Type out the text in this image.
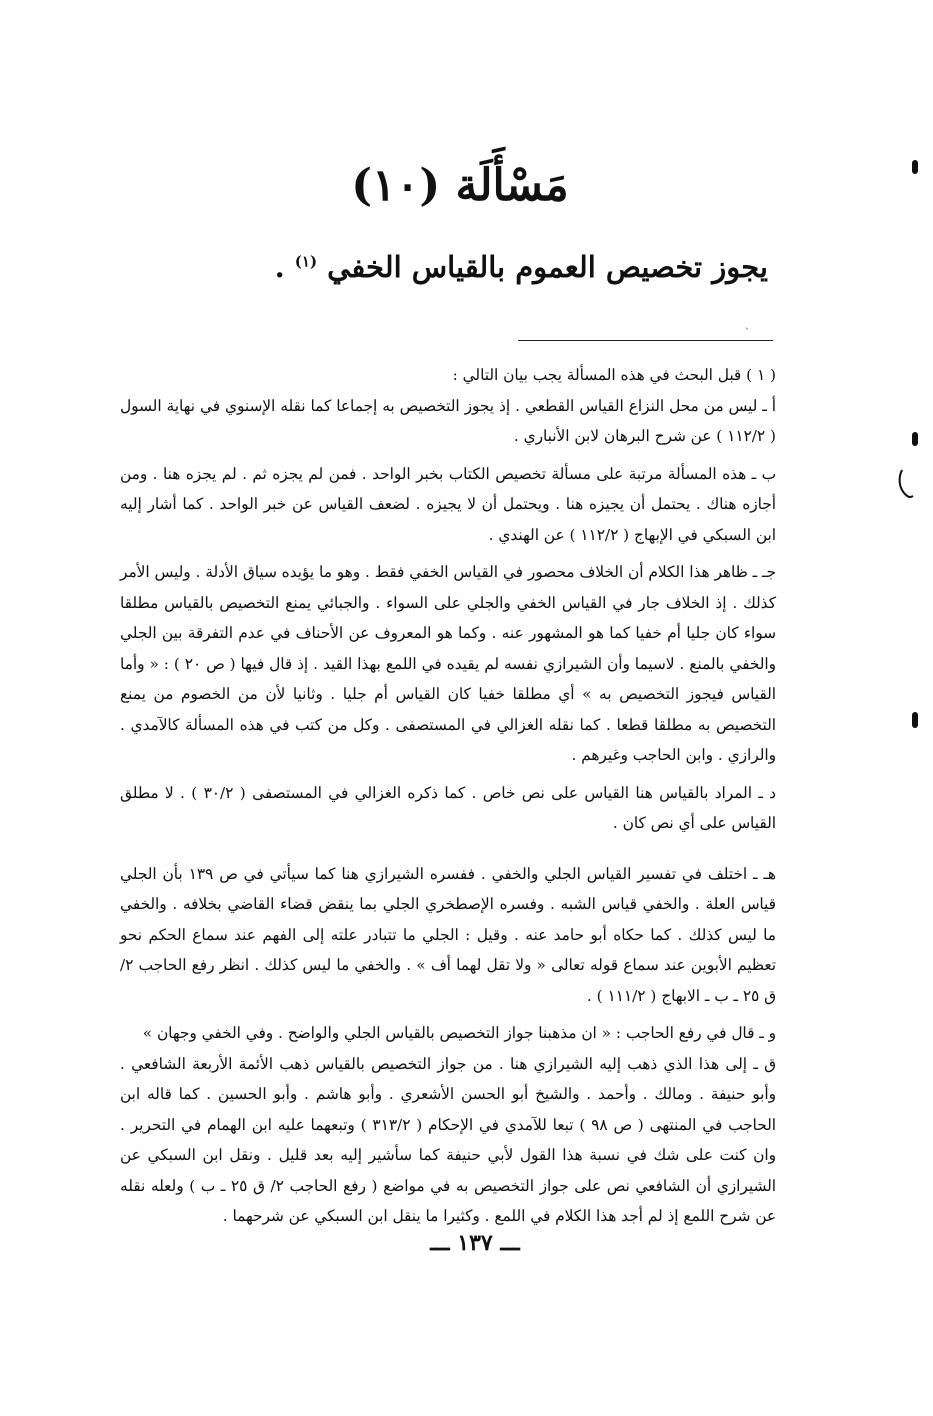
مَسْأَلَة (١٠)
يجوز تخصيص العموم بالقياس الخفي $^{(١)}$ .
ˏ

( ١ ) قبل البحث في هذه المسألة يجب بيان التالي :

أ ـ ليس من محل النزاع القياس القطعي . إذ يجوز التخصيص به إجماعا كما نقله الإسنوي في نهاية السول ( ١١٢/٢ ) عن شرح البرهان لابن الأنباري .

ب ـ هذه المسألة مرتبة على مسألة تخصيص الكتاب بخبر الواحد . فمن لم يجزه ثم . لم يجزه هنا . ومن أجازه هناك . يحتمل أن يجيزه هنا . ويحتمل أن لا يجيزه . لضعف القياس عن خبر الواحد . كما أشار إليه ابن السبكي في الإبهاج ( ١١٢/٢ ) عن الهندي .

جـ ـ ظاهر هذا الكلام أن الخلاف محصور في القياس الخفي فقط . وهو ما يؤيده سياق الأدلة . وليس الأمر كذلك . إذ الخلاف جار في القياس الخفي والجلي على السواء . والجبائي يمنع التخصيص بالقياس مطلقا سواء كان جليا أم خفيا كما هو المشهور عنه . وكما هو المعروف عن الأحناف في عدم التفرقة بين الجلي والخفي بالمنع . لاسيما وأن الشيرازي نفسه لم يقيده في اللمع بهذا القيد . إذ قال فيها ( ص ٢٠ ) : « وأما القياس فيجوز التخصيص به » أي مطلقا خفيا كان القياس أم جليا . وثانيا لأن من الخصوم من يمنع التخصيص به مطلقا قطعا . كما نقله الغزالي في المستصفى . وكل من كتب في هذه المسألة كالآمدي . والرازي . وابن الحاجب وغيرهم .

د ـ المراد بالقياس هنا القياس على نص خاص . كما ذكره الغزالي في المستصفى ( ٣٠/٢ ) . لا مطلق القياس على أي نص كان .

هـ ـ اختلف في تفسير القياس الجلي والخفي . ففسره الشيرازي هنا كما سيأتي في ص ١٣٩ بأن الجلي قياس العلة . والخفي قياس الشبه . وفسره الإصطخري الجلي بما ينقض قضاء القاضي بخلافه . والخفي ما ليس كذلك . كما حكاه أبو حامد عنه . وقيل : الجلي ما تتبادر علته إلى الفهم عند سماع الحكم نحو تعظيم الأبوين عند سماع قوله تعالى « ولا تقل لهما أف » . والخفي ما ليس كذلك . انظر رفع الحاجب ٢/ ق ٢٥ ـ ب ـ الابهاج ( ١١١/٢ ) .

و ـ قال في رفع الحاجب : « ان مذهبنا جواز التخصيص بالقياس الجلي والواضح . وفي الخفي وجهان »

ق ـ إلى هذا الذي ذهب إليه الشيرازي هنا . من جواز التخصيص بالقياس ذهب الأئمة الأربعة الشافعي . وأبو حنيفة . ومالك . وأحمد . والشيخ أبو الحسن الأشعري . وأبو هاشم . وأبو الحسين . كما قاله ابن الحاجب في المنتهى ( ص ٩٨ ) تبعا للآمدي في الإحكام ( ٣١٣/٢ ) وتبعهما عليه ابن الهمام في التحرير . وان كنت على شك في نسبة هذا القول لأبي حنيفة كما سأشير إليه بعد قليل . ونقل ابن السبكي عن الشيرازي أن الشافعي نص على جواز التخصيص به في مواضع ( رفع الحاجب ٢/ ق ٢٥ ـ ب ) ولعله نقله عن شرح اللمع إذ لم أجد هذا الكلام في اللمع . وكثيرا ما ينقل ابن السبكي عن شرحهما .

ـــ ١٣٧ ـــ
